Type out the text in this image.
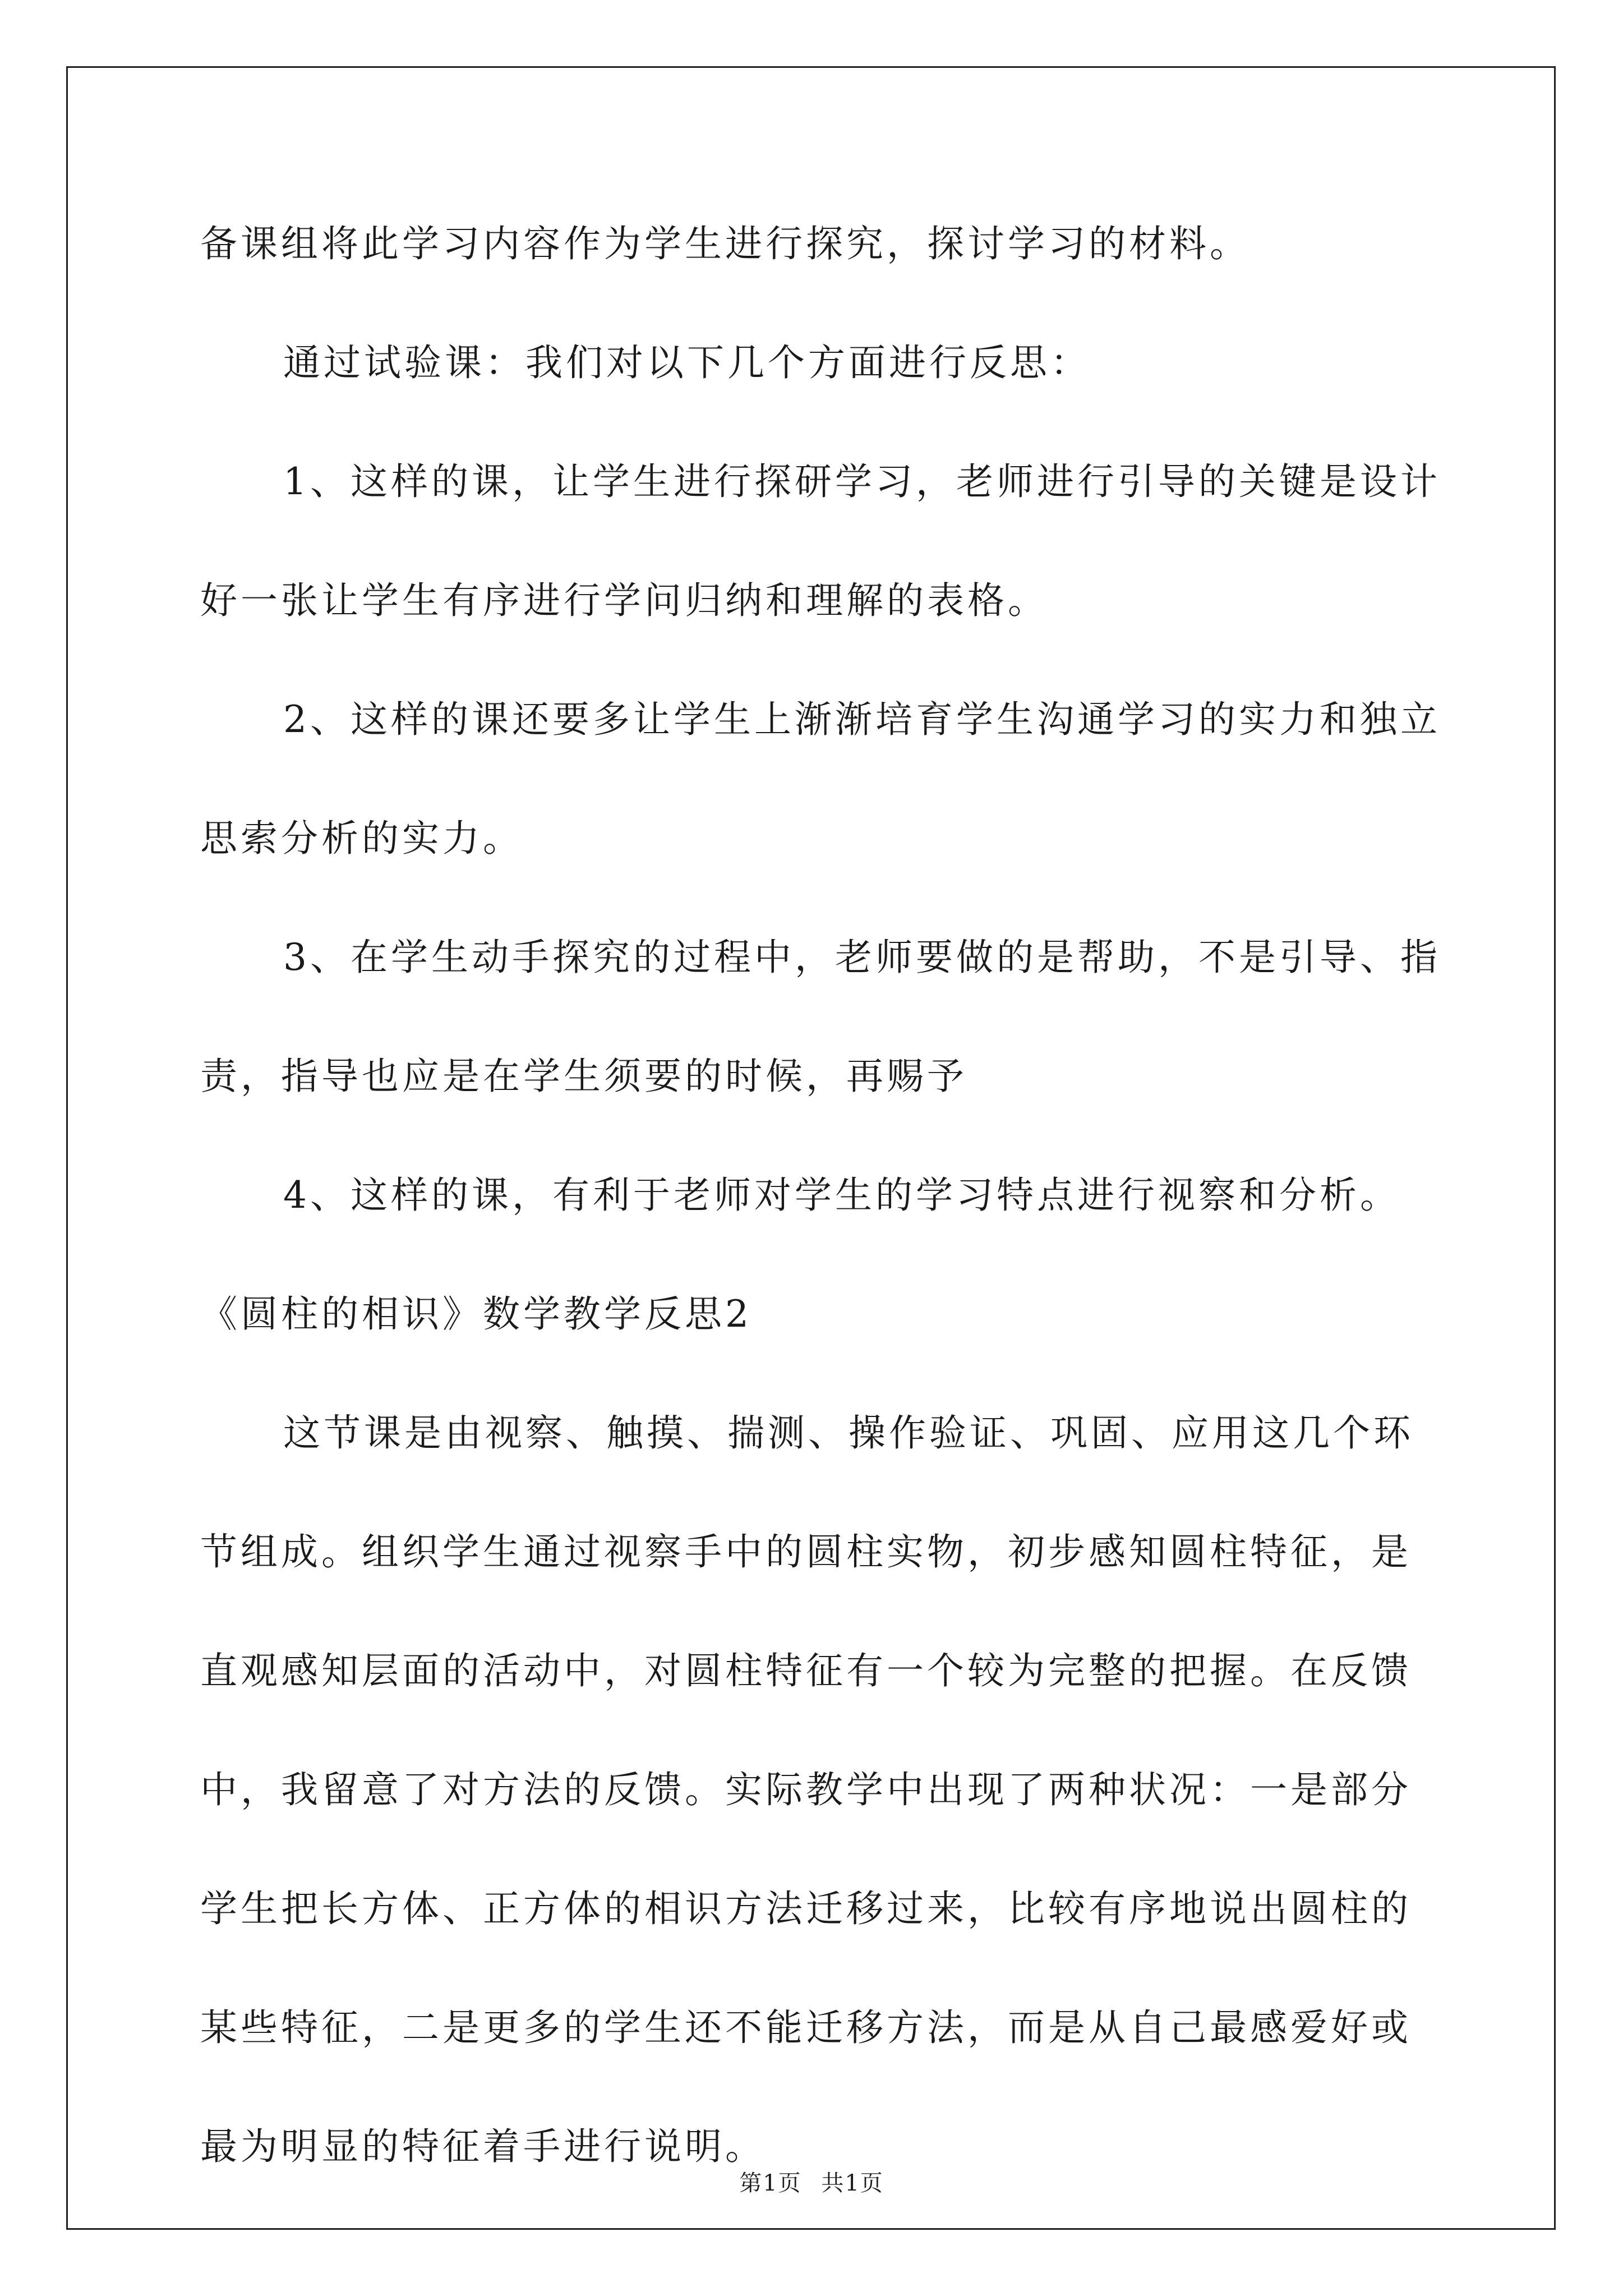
备课组将此学习内容作为学生进行探究，探讨学习的材料。
通过试验课：我们对以下几个方面进行反思：
1、这样的课，让学生进行探研学习，老师进行引导的关键是设计
好一张让学生有序进行学问归纳和理解的表格。
2、这样的课还要多让学生上渐渐培育学生沟通学习的实力和独立
思索分析的实力。
3、在学生动手探究的过程中，老师要做的是帮助，不是引导、指
责，指导也应是在学生须要的时候，再赐予
4、这样的课，有利于老师对学生的学习特点进行视察和分析。
《圆柱的相识》数学教学反思2
这节课是由视察、触摸、揣测、操作验证、巩固、应用这几个环
节组成。组织学生通过视察手中的圆柱实物，初步感知圆柱特征，是
直观感知层面的活动中，对圆柱特征有一个较为完整的把握。在反馈
中，我留意了对方法的反馈。实际教学中出现了两种状况：一是部分
学生把长方体、正方体的相识方法迁移过来，比较有序地说出圆柱的
某些特征，二是更多的学生还不能迁移方法，而是从自己最感爱好或
最为明显的特征着手进行说明。
第1页 共1页
